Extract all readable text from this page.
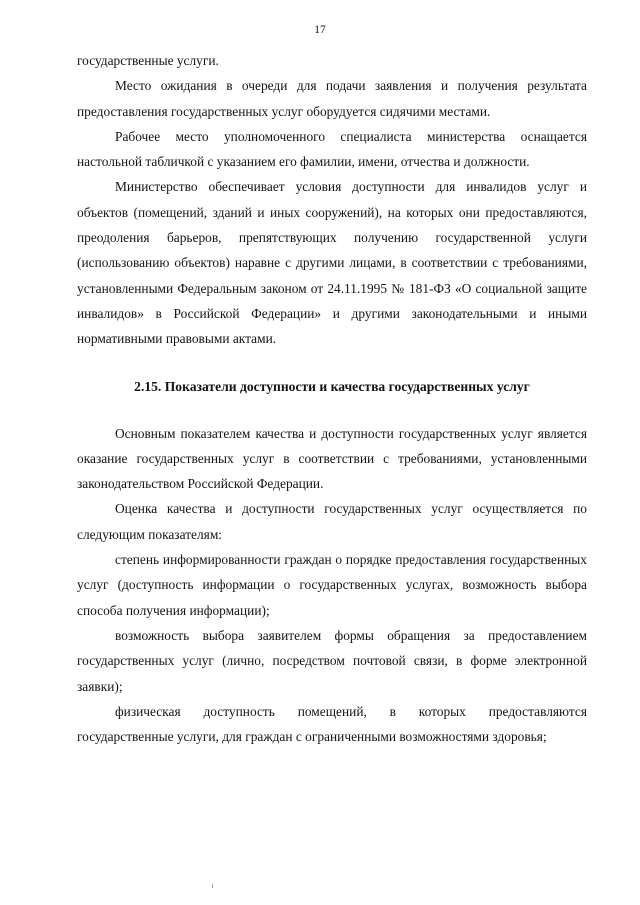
17

государственные услуги.

Место ожидания в очереди для подачи заявления и получения результата предоставления государственных услуг оборудуется сидячими местами.

Рабочее место уполномоченного специалиста министерства оснащается настольной табличкой с указанием его фамилии, имени, отчества и должности.

Министерство обеспечивает условия доступности для инвалидов услуг и объектов (помещений, зданий и иных сооружений), на которых они предоставляются, преодоления барьеров, препятствующих получению государственной услуги (использованию объектов) наравне с другими лицами, в соответствии с требованиями, установленными Федеральным законом от 24.11.1995 № 181-ФЗ «О социальной защите инвалидов» в Российской Федерации» и другими законодательными и иными нормативными правовыми актами.

2.15. Показатели доступности и качества государственных услуг

Основным показателем качества и доступности государственных услуг является оказание государственных услуг в соответствии с требованиями, установленными законодательством Российской Федерации.

Оценка качества и доступности государственных услуг осуществляется по следующим показателям:

степень информированности граждан о порядке предоставления государственных услуг (доступность информации о государственных услугах, возможность выбора способа получения информации);

возможность выбора заявителем формы обращения за предоставлением государственных услуг (лично, посредством почтовой связи, в форме электронной заявки);

физическая доступность помещений, в которых предоставляются государственные услуги, для граждан с ограниченными возможностями здоровья;
